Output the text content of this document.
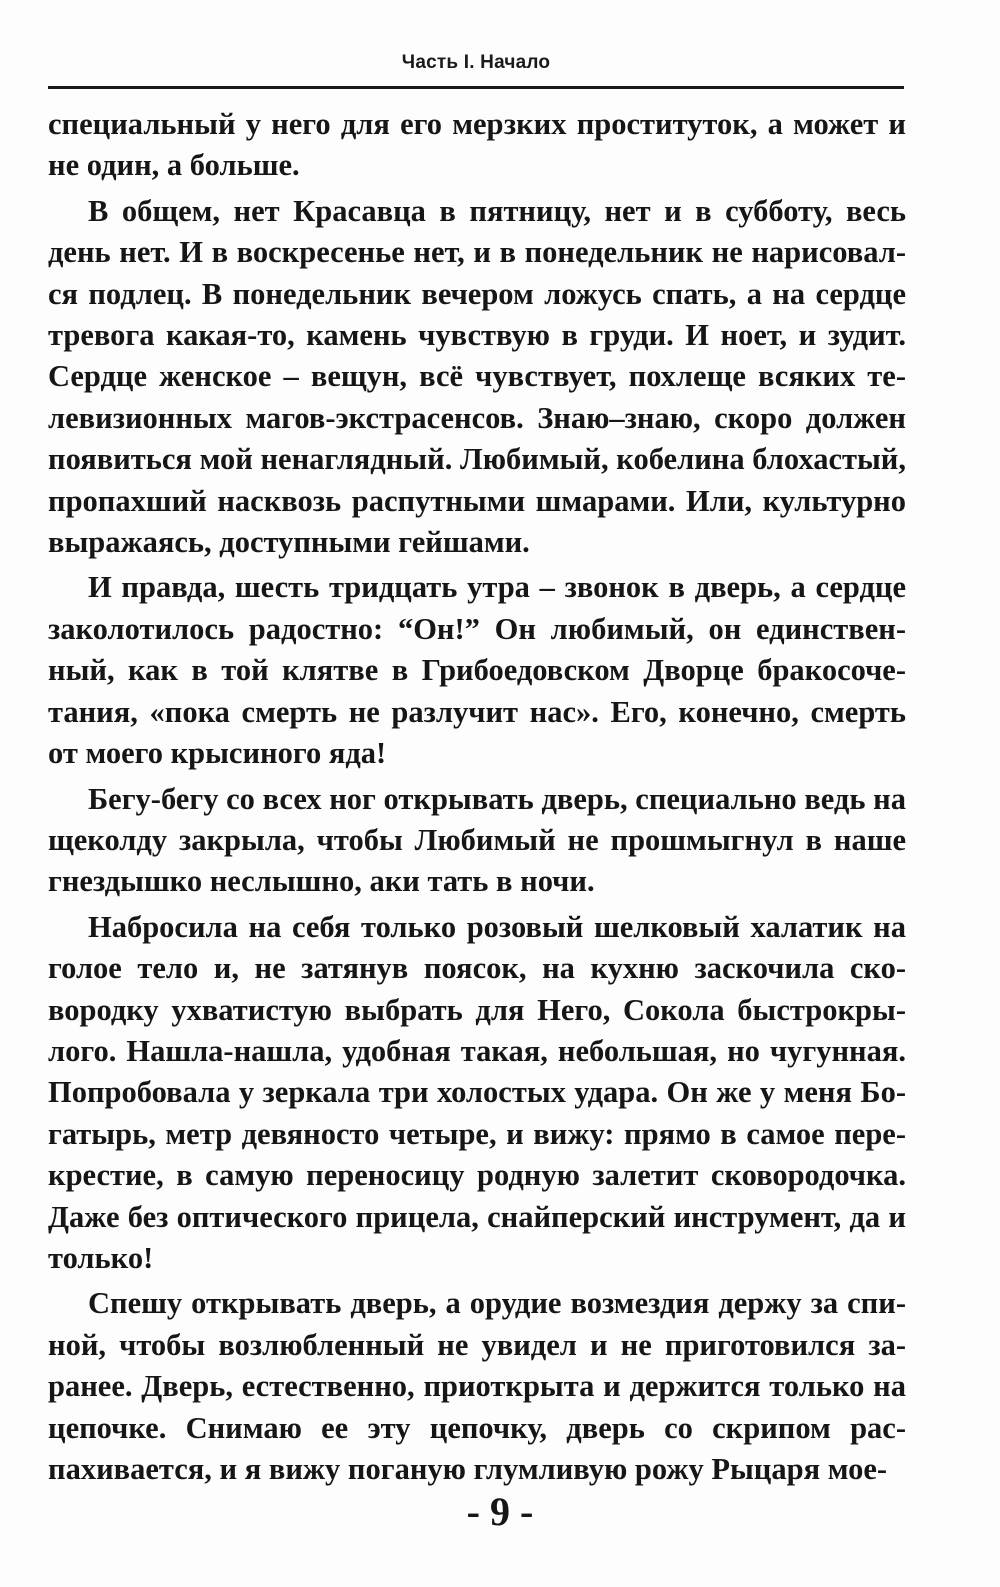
Часть I. Начало

специальный у него для его мерзких проституток, а может и не один, а больше.

В общем, нет Красавца в пятницу, нет и в субботу, весь день нет. И в воскресенье нет, и в понедельник не нарисовался подлец. В понедельник вечером ложусь спать, а на сердце тревога какая-то, камень чувствую в груди. И ноет, и зудит. Сердце женское – вещун, всё чувствует, похлеще всяких телевизионных магов-экстрасенсов. Знаю–знаю, скоро должен появиться мой ненаглядный. Любимый, кобелина блохастый, пропахший насквозь распутными шмарами. Или, культурно выражаясь, доступными гейшами.

И правда, шесть тридцать утра – звонок в дверь, а сердце заколотилось радостно: “Он!” Он любимый, он единственный, как в той клятве в Грибоедовском Дворце бракосочетания, «пока смерть не разлучит нас». Его, конечно, смерть от моего крысиного яда!

Бегу-бегу со всех ног открывать дверь, специально ведь на щеколду закрыла, чтобы Любимый не прошмыгнул в наше гнездышко неслышно, аки тать в ночи.

Набросила на себя только розовый шелковый халатик на голое тело и, не затянув поясок, на кухню заскочила сковородку ухватистую выбрать для Него, Сокола быстрокрылого. Нашла-нашла, удобная такая, небольшая, но чугунная. Попробовала у зеркала три холостых удара. Он же у меня Богатырь, метр девяносто четыре, и вижу: прямо в самое перекрестие, в самую переносицу родную залетит сковородочка. Даже без оптического прицела, снайперский инструмент, да и только!

Спешу открывать дверь, а орудие возмездия держу за спиной, чтобы возлюбленный не увидел и не приготовился заранее. Дверь, естественно, приоткрыта и держится только на цепочке. Снимаю ее эту цепочку, дверь со скрипом распахивается, и я вижу поганую глумливую рожу Рыцаря мое-

- 9 -
